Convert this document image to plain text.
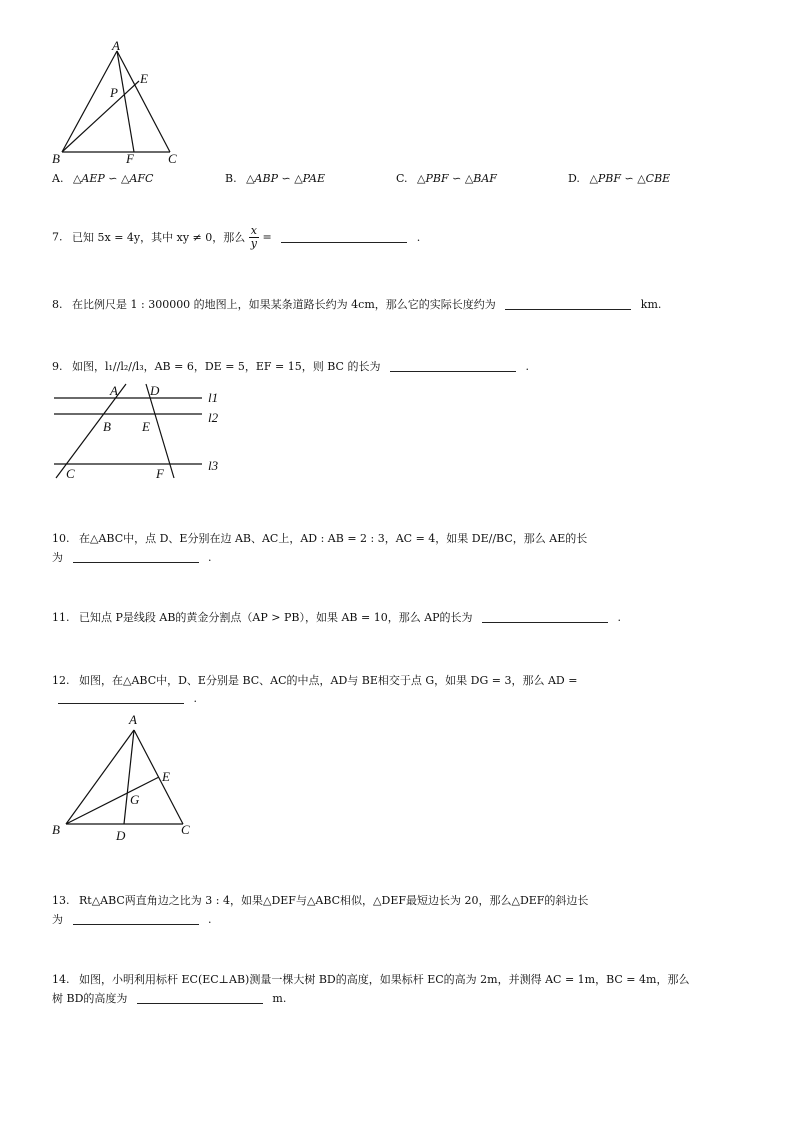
A
E
P
B	F	C
A. △AEP ∽ △AFC	B. △ABP ∽ △PAE	C. △PBF ∽ △BAF	D. △PBF ∽ △CBE
7. 已知 5x = 4y，其中 xy ≠ 0，那么 $\frac{x}{y}$ =	.
8. 在比例尺是 1 : 300000 的地图上，如果某条道路长约为 4cm，那么它的实际长度约为	km.
9. 如图，l₁//l₂//l₃，AB = 6，DE = 5，EF = 15，则 BC 的长为	.
A D	l1
B E
l2
C	F
l3
10. 在△ABC中，点 D、E分别在边 AB、AC上，AD : AB = 2 : 3，AC = 4，如果 DE//BC，那么 AE的长
为	.
11. 已知点 P是线段 AB的黄金分割点（AP > PB），如果 AB = 10，那么 AP的长为	.
12. 如图，在△ABC中，D、E分别是 BC、AC的中点，AD与 BE相交于点 G，如果 DG = 3，那么 AD =
.
A
E
G
B	D	C
13. Rt△ABC两直角边之比为 3 : 4，如果△DEF与△ABC相似，△DEF最短边长为 20，那么△DEF的斜边长
为	.
14. 如图，小明利用标杆 EC(EC⊥AB)测量一棵大树 BD的高度，如果标杆 EC的高为 2m，并测得 AC = 1m，BC = 4m，那么
树 BD的高度为	m.
